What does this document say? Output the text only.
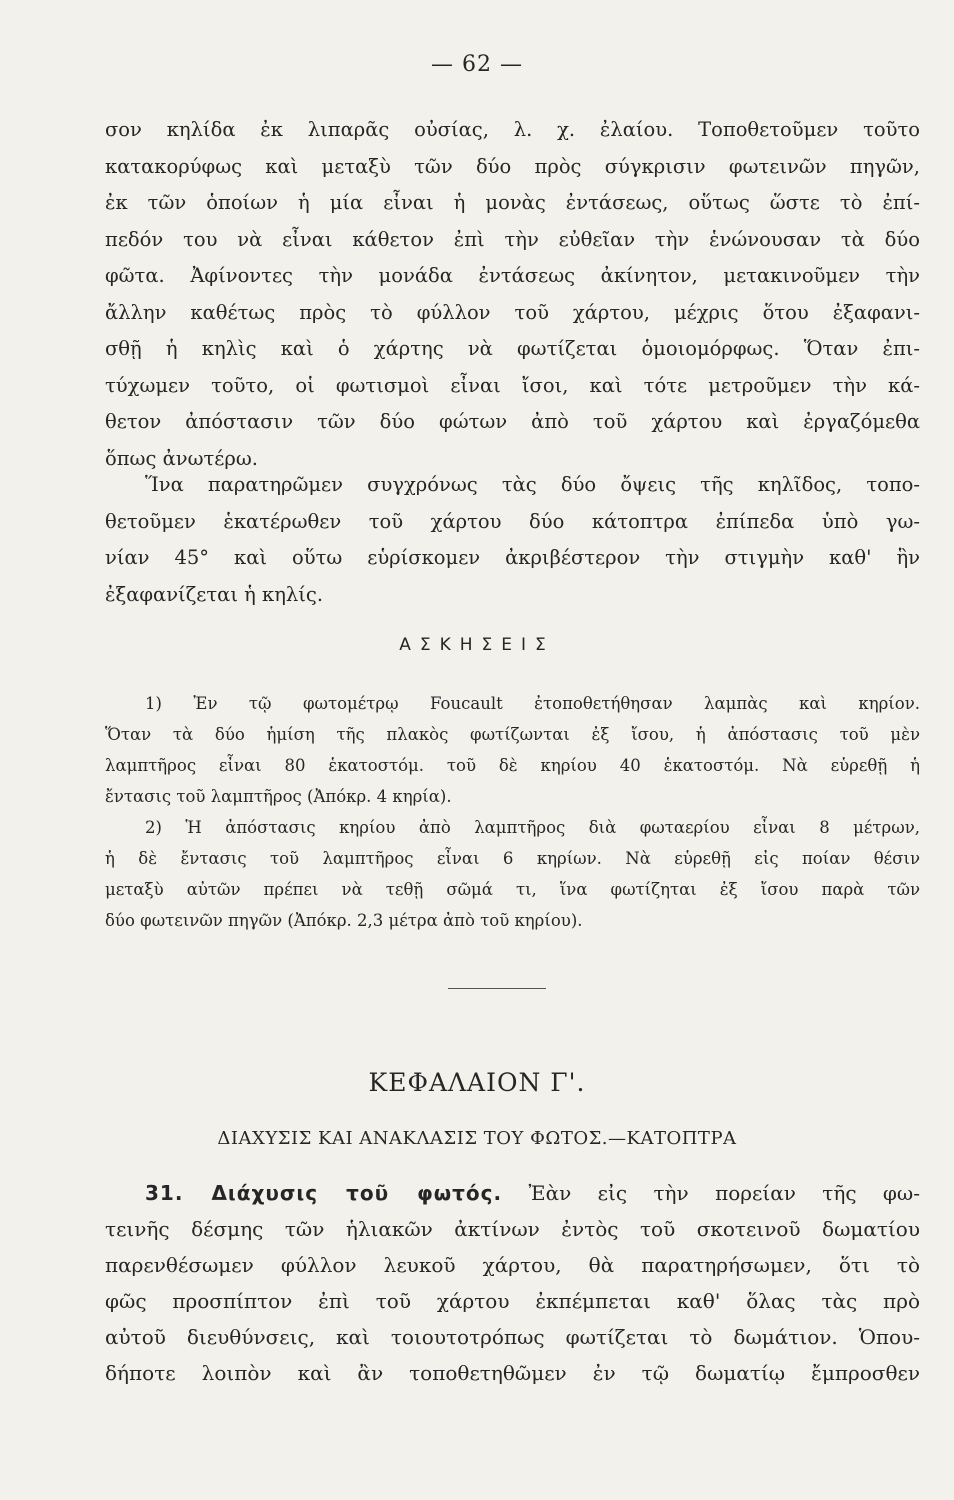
— 62 —
σον κηλίδα ἐκ λιπαρᾶς οὐσίας, λ. χ. ἐλαίου. Τοποθετοῦμεν τοῦτο
κατακορύφως καὶ μεταξὺ τῶν δύο πρὸς σύγκρισιν φωτεινῶν πηγῶν,
ἐκ τῶν ὁποίων ἡ μία εἶναι ἡ μονὰς ἐντάσεως, οὕτως ὥστε τὸ ἐπί-
πεδόν του νὰ εἶναι κάθετον ἐπὶ τὴν εὐθεῖαν τὴν ἑνώνουσαν τὰ δύο
φῶτα. Ἀφίνοντες τὴν μονάδα ἐντάσεως ἀκίνητον, μετακινοῦμεν τὴν
ἄλλην καθέτως πρὸς τὸ φύλλον τοῦ χάρτου, μέχρις ὅτου ἐξαφανι-
σθῇ ἡ κηλὶς καὶ ὁ χάρτης νὰ φωτίζεται ὁμοιομόρφως. Ὅταν ἐπι-
τύχωμεν τοῦτο, οἱ φωτισμοὶ εἶναι ἴσοι, καὶ τότε μετροῦμεν τὴν κά-
θετον ἀπόστασιν τῶν δύο φώτων ἀπὸ τοῦ χάρτου καὶ ἐργαζόμεθα
ὅπως ἀνωτέρω.
Ἵνα παρατηρῶμεν συγχρόνως τὰς δύο ὄψεις τῆς κηλῖδος, τοπο-
θετοῦμεν ἑκατέρωθεν τοῦ χάρτου δύο κάτοπτρα ἐπίπεδα ὑπὸ γω-
νίαν 45° καὶ οὕτω εὑρίσκομεν ἀκριβέστερον τὴν στιγμὴν καθ' ἣν
ἐξαφανίζεται ἡ κηλίς.
ΑΣΚΗΣΕΙΣ
1) Ἐν τῷ φωτομέτρῳ Foucault ἐτοποθετήθησαν λαμπὰς καὶ κηρίον.
Ὅταν τὰ δύο ἡμίση τῆς πλακὸς φωτίζωνται ἐξ ἴσου, ἡ ἀπόστασις τοῦ μὲν
λαμπτῆρος εἶναι 80 ἑκατοστόμ. τοῦ δὲ κηρίου 40 ἑκατοστόμ. Νὰ εὑρεθῇ ἡ
ἔντασις τοῦ λαμπτῆρος (Ἀπόκρ. 4 κηρία).
2) Ἡ ἀπόστασις κηρίου ἀπὸ λαμπτῆρος διὰ φωταερίου εἶναι 8 μέτρων,
ἡ δὲ ἔντασις τοῦ λαμπτῆρος εἶναι 6 κηρίων. Νὰ εὑρεθῇ εἰς ποίαν θέσιν
μεταξὺ αὐτῶν πρέπει νὰ τεθῇ σῶμά τι, ἵνα φωτίζηται ἐξ ἴσου παρὰ τῶν
δύο φωτεινῶν πηγῶν (Ἀπόκρ. 2,3 μέτρα ἀπὸ τοῦ κηρίου).
ΚΕΦΑΛΑΙΟΝ Γ'.
ΔΙΑΧΥΣΙΣ ΚΑΙ ΑΝΑΚΛΑΣΙΣ ΤΟΥ ΦΩΤΟΣ.—ΚΑΤΟΠΤΡΑ
31. Διάχυσις τοῦ φωτός. Ἐὰν εἰς τὴν πορείαν τῆς φω-
τεινῆς δέσμης τῶν ἡλιακῶν ἀκτίνων ἐντὸς τοῦ σκοτεινοῦ δωματίου
παρενθέσωμεν φύλλον λευκοῦ χάρτου, θὰ παρατηρήσωμεν, ὅτι τὸ
φῶς προσπίπτον ἐπὶ τοῦ χάρτου ἐκπέμπεται καθ' ὅλας τὰς πρὸ
αὐτοῦ διευθύνσεις, καὶ τοιουτοτρόπως φωτίζεται τὸ δωμάτιον. Ὁπου-
δήποτε λοιπὸν καὶ ἂν τοποθετηθῶμεν ἐν τῷ δωματίῳ ἔμπροσθεν
